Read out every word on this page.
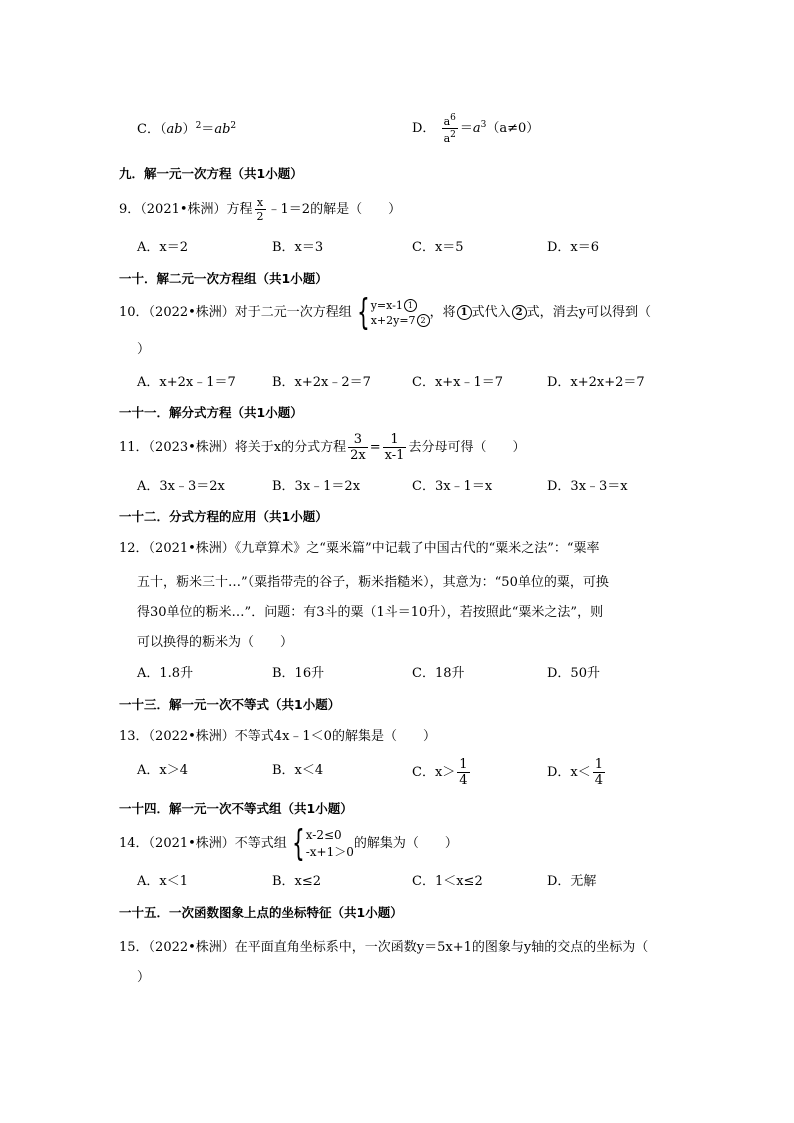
C．$(ab)^2=ab^2$	D． $\frac{a^6}{a^2} =a^3(a\ne 0)$
九．解一元一次方程（共1小题）
9．（2021•株洲）方程 $\frac{x}{2}$ ﹣1＝2的解是（　　）
A．x＝2	B．x＝3	C．x＝5	D．x＝6
一十．解二元一次方程组（共1小题）
10．（2022•株洲）对于二元一次方程组 { y=x-1 1
x+2y=7 2 ，将 1 式代入 2 式，消去y可以得到（
）
A．x+2x﹣1＝7	B．x+2x﹣2＝7	C．x+x﹣1＝7	D．x+2x+2＝7
一十一．解分式方程（共1小题）
11．（2023•株洲）将关于x的分式方程 $\frac{3}{2x} = \frac{1}{x-1}$ 去分母可得（　　）
A．3x﹣3＝2x	B．3x﹣1＝2x	C．3x﹣1＝x	D．3x﹣3＝x
一十二．分式方程的应用（共1小题）
12．（2021•株洲）《九章算术》之“粟米篇”中记载了中国古代的“粟米之法”：“粟率
五十，粝米三十…”（粟指带壳的谷子，粝米指糙米），其意为：“50单位的粟，可换
得30单位的粝米…”．问题：有3斗的粟（1斗＝10升），若按照此“粟米之法”，则
可以换得的粝米为（　　）
A．1.8升	B．16升	C．18升	D．50升
一十三．解一元一次不等式（共1小题）
13．（2022•株洲）不等式4x﹣1＜0的解集是（　　）
A．x＞4	B．x＜4	C．$x> \frac{1}{4}$	D．$x< \frac{1}{4}$
一十四．解一元一次不等式组（共1小题）
14．（2021•株洲）不等式组 { x-2≤0
-x+1＞0
的解集为（　　）
A．x＜1	B．x≤2	C．1＜x≤2	D．无解
一十五．一次函数图象上点的坐标特征（共1小题）
15．（2022•株洲）在平面直角坐标系中，一次函数y＝5x+1的图象与y轴的交点的坐标为（
）
